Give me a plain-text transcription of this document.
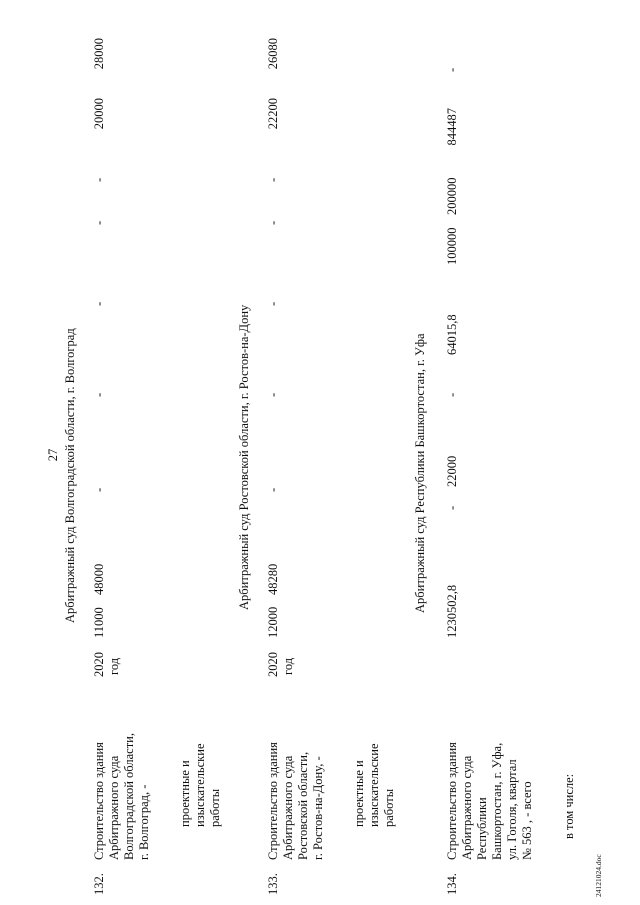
27 Арбитражный суд Волгоградской области, г. Волгоград
132.
Строительство здания Арбитражного суда Волгоградской области, г. Волгоград, - проектные и изыскательские работы
2020 год
11000
48000
-
-
-
-
-
20000
28000
Арбитражный суд Ростовской области, г. Ростов-на-Дону
133.
Строительство здания Арбитражного суда Ростовской области, г. Ростов-на-Дону, - проектные и изыскательские работы
2020 год
12000
48280
-
-
-
-
-
22200
26080
Арбитражный суд Республики Башкортостан, г. Уфа
134.
Строительство здания Арбитражного суда Республики Башкортостан, г. Уфа, ул. Гоголя, квартал № 563 , - всего в том числе:
1230502,8
-
22000
-
64015,8
100000
200000
844487
-
24121024.doc
